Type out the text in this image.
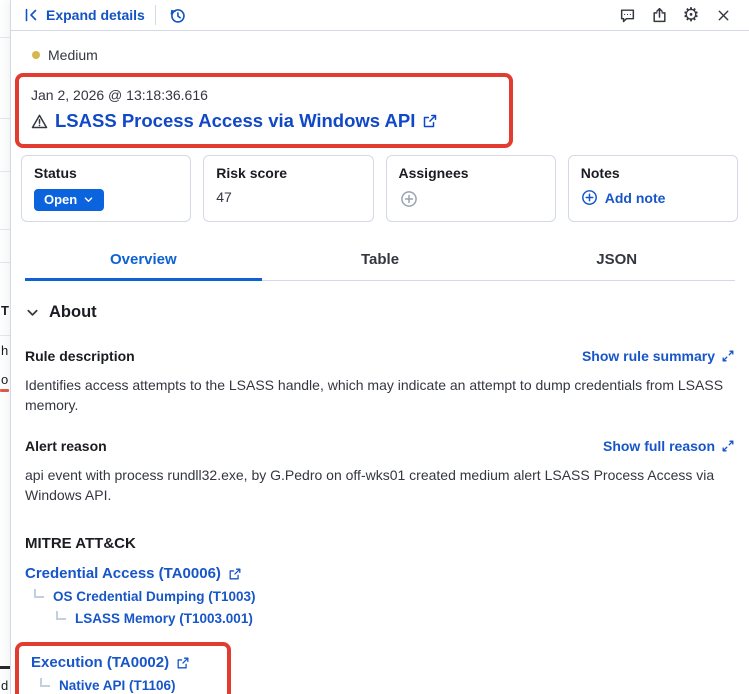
T
h
o
d
Expand details	⚙
Medium
Jan 2, 2026 @ 13:18:36.616
LSASS Process Access via Windows API
Status
Open
Risk score
47
Assignees	Notes
Add note
Overview	Table	JSON
About
Rule description	Show rule summary

Identifies access attempts to the LSASS handle, which may indicate an attempt to dump credentials from LSASS memory.

Alert reason	Show full reason

api event with process rundll32.exe, by G.Pedro on off-wks01 created medium alert LSASS Process Access via Windows API.

MITRE ATT&CK
Credential Access (TA0006)
OS Credential Dumping (T1003)
LSASS Memory (T1003.001)
Execution (TA0002)
Native API (T1106)
